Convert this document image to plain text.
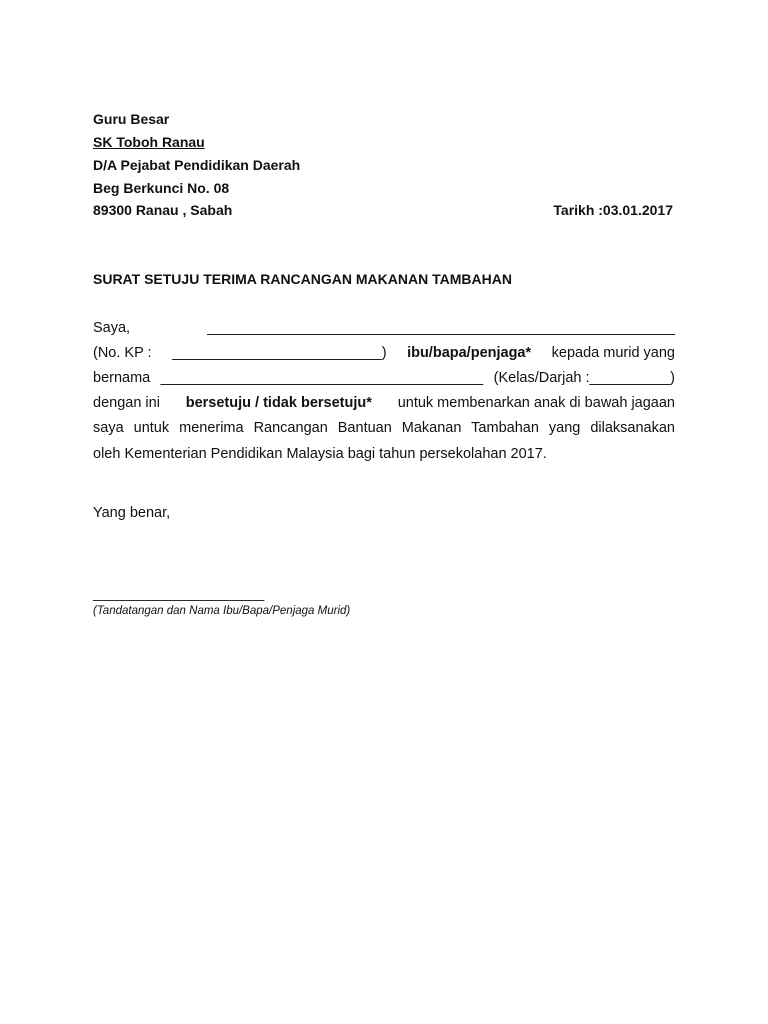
Guru Besar
SK Toboh Ranau
D/A Pejabat Pendidikan Daerah
Beg Berkunci No. 08
89300 Ranau , Sabah	Tarikh :03.01.2017
SURAT SETUJU TERIMA RANCANGAN MAKANAN TAMBAHAN
Saya,	__________________________________________________________
(No. KP : __________________________) ibu/bapa/penjaga* kepada murid yang
bernama ________________________________________ (Kelas/Darjah :__________)
dengan ini bersetuju / tidak bersetuju* untuk membenarkan anak di bawah jagaan
saya untuk menerima Rancangan Bantuan Makanan Tambahan yang dilaksanakan
oleh Kementerian Pendidikan Malaysia bagi tahun persekolahan 2017.
Yang benar,
______________________
(Tandatangan dan Nama Ibu/Bapa/Penjaga Murid)
